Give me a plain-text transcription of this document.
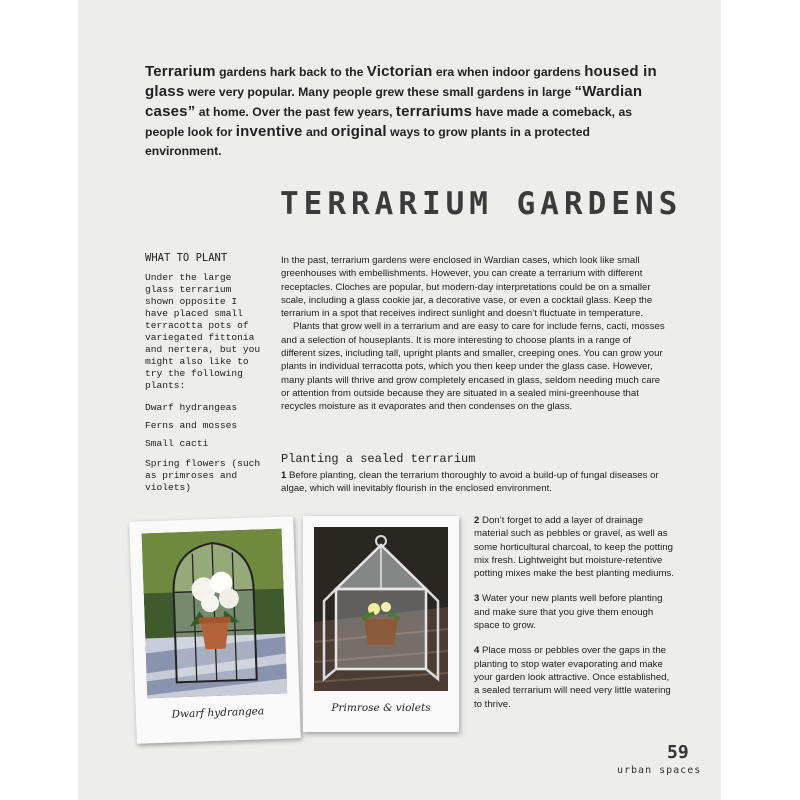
Terrarium gardens hark back to the Victorian era when indoor gardens housed in glass were very popular. Many people grew these small gardens in large “Wardian cases” at home. Over the past few years, terrariums have made a comeback, as people look for inventive and original ways to grow plants in a protected environment.
TERRARIUM GARDENS
WHAT TO PLANT
Under the large glass terrarium shown opposite I have placed small terracotta pots of variegated fittonia and nertera, but you might also like to try the following plants:
Dwarf hydrangeas
Ferns and mosses
Small cacti
Spring flowers (such as primroses and violets)

In the past, terrarium gardens were enclosed in Wardian cases, which look like small greenhouses with embellishments. However, you can create a terrarium with different receptacles. Cloches are popular, but modern-day interpretations could be on a smaller scale, including a glass cookie jar, a decorative vase, or even a cocktail glass. Keep the terrarium in a spot that receives indirect sunlight and doesn’t fluctuate in temperature.

Plants that grow well in a terrarium and are easy to care for include ferns, cacti, mosses and a selection of houseplants. It is more interesting to choose plants in a range of different sizes, including tall, upright plants and smaller, creeping ones. You can grow your plants in individual terracotta pots, which you then keep under the glass case. However, many plants will thrive and grow completely encased in glass, seldom needing much care or attention from outside because they are situated in a sealed mini-greenhouse that recycles moisture as it evaporates and then condenses on the glass.

Planting a sealed terrarium

1 Before planting, clean the terrarium thoroughly to avoid a build-up of fungal diseases or algae, which will inevitably flourish in the enclosed environment.

2 Don’t forget to add a layer of drainage material such as pebbles or gravel, as well as some horticultural charcoal, to keep the potting mix fresh. Lightweight but moisture-retentive potting mixes make the best planting mediums.

3 Water your new plants well before planting and make sure that you give them enough space to grow.

4 Place moss or pebbles over the gaps in the planting to stop water evaporating and make your garden look attractive. Once established, a sealed terrarium will need very little watering to thrive.

Dwarf hydrangea	Primrose & violets
59
urban spaces
